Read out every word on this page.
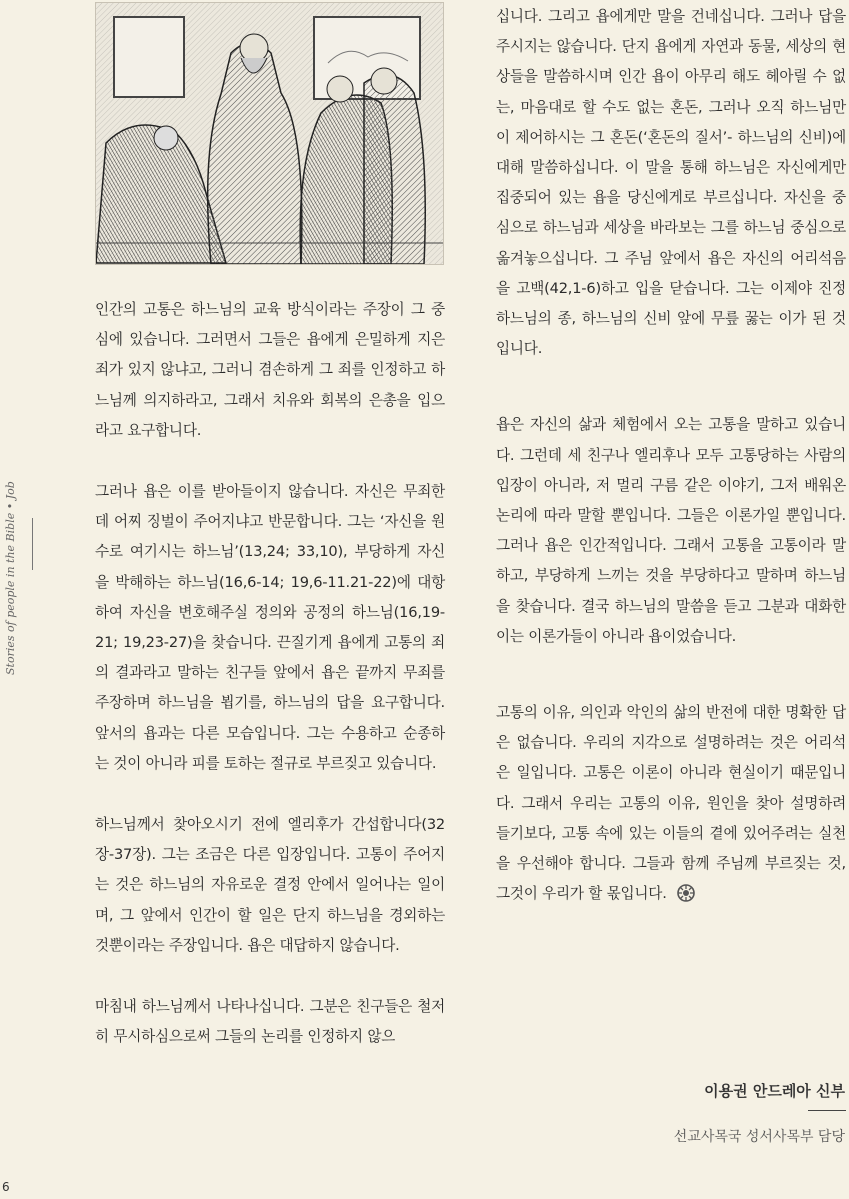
Stories of people in the Bible • Job
6

인간의 고통은 하느님의 교육 방식이라는 주장이 그 중심에 있습니다. 그러면서 그들은 욥에게 은밀하게 지은 죄가 있지 않냐고, 그러니 겸손하게 그 죄를 인정하고 하느님께 의지하라고, 그래서 치유와 회복의 은총을 입으라고 요구합니다.

그러나 욥은 이를 받아들이지 않습니다. 자신은 무죄한데 어찌 징벌이 주어지냐고 반문합니다. 그는 ‘자신을 원수로 여기시는 하느님’(13,24; 33,10), 부당하게 자신을 박해하는 하느님(16,6-14; 19,6-11.21-22)에 대항하여 자신을 변호해주실 정의와 공정의 하느님(16,19-21; 19,23-27)을 찾습니다. 끈질기게 욥에게 고통의 죄의 결과라고 말하는 친구들 앞에서 욥은 끝까지 무죄를 주장하며 하느님을 뵙기를, 하느님의 답을 요구합니다. 앞서의 욥과는 다른 모습입니다. 그는 수용하고 순종하는 것이 아니라 피를 토하는 절규로 부르짖고 있습니다.

하느님께서 찾아오시기 전에 엘리후가 간섭합니다(32장-37장). 그는 조금은 다른 입장입니다. 고통이 주어지는 것은 하느님의 자유로운 결정 안에서 일어나는 일이며, 그 앞에서 인간이 할 일은 단지 하느님을 경외하는 것뿐이라는 주장입니다. 욥은 대답하지 않습니다.

마침내 하느님께서 나타나십니다. 그분은 친구들은 철저히 무시하심으로써 그들의 논리를 인정하지 않으

십니다. 그리고 욥에게만 말을 건네십니다. 그러나 답을 주시지는 않습니다. 단지 욥에게 자연과 동물, 세상의 현상들을 말씀하시며 인간 욥이 아무리 해도 헤아릴 수 없는, 마음대로 할 수도 없는 혼돈, 그러나 오직 하느님만이 제어하시는 그 혼돈(‘혼돈의 질서’- 하느님의 신비)에 대해 말씀하십니다. 이 말을 통해 하느님은 자신에게만 집중되어 있는 욥을 당신에게로 부르십니다. 자신을 중심으로 하느님과 세상을 바라보는 그를 하느님 중심으로 옮겨놓으십니다. 그 주님 앞에서 욥은 자신의 어리석음을 고백(42,1-6)하고 입을 닫습니다. 그는 이제야 진정 하느님의 종, 하느님의 신비 앞에 무릎 꿇는 이가 된 것입니다.

욥은 자신의 삶과 체험에서 오는 고통을 말하고 있습니다. 그런데 세 친구나 엘리후나 모두 고통당하는 사람의 입장이 아니라, 저 멀리 구름 같은 이야기, 그저 배워온 논리에 따라 말할 뿐입니다. 그들은 이론가일 뿐입니다. 그러나 욥은 인간적입니다. 그래서 고통을 고통이라 말하고, 부당하게 느끼는 것을 부당하다고 말하며 하느님을 찾습니다. 결국 하느님의 말씀을 듣고 그분과 대화한 이는 이론가들이 아니라 욥이었습니다.

고통의 이유, 의인과 악인의 삶의 반전에 대한 명확한 답은 없습니다. 우리의 지각으로 설명하려는 것은 어리석은 일입니다. 고통은 이론이 아니라 현실이기 때문입니다. 그래서 우리는 고통의 이유, 원인을 찾아 설명하려 들기보다, 고통 속에 있는 이들의 곁에 있어주려는 실천을 우선해야 합니다. 그들과 함께 주님께 부르짖는 것, 그것이 우리가 할 몫입니다.

이용권 안드레아 신부
선교사목국 성서사목부 담당
